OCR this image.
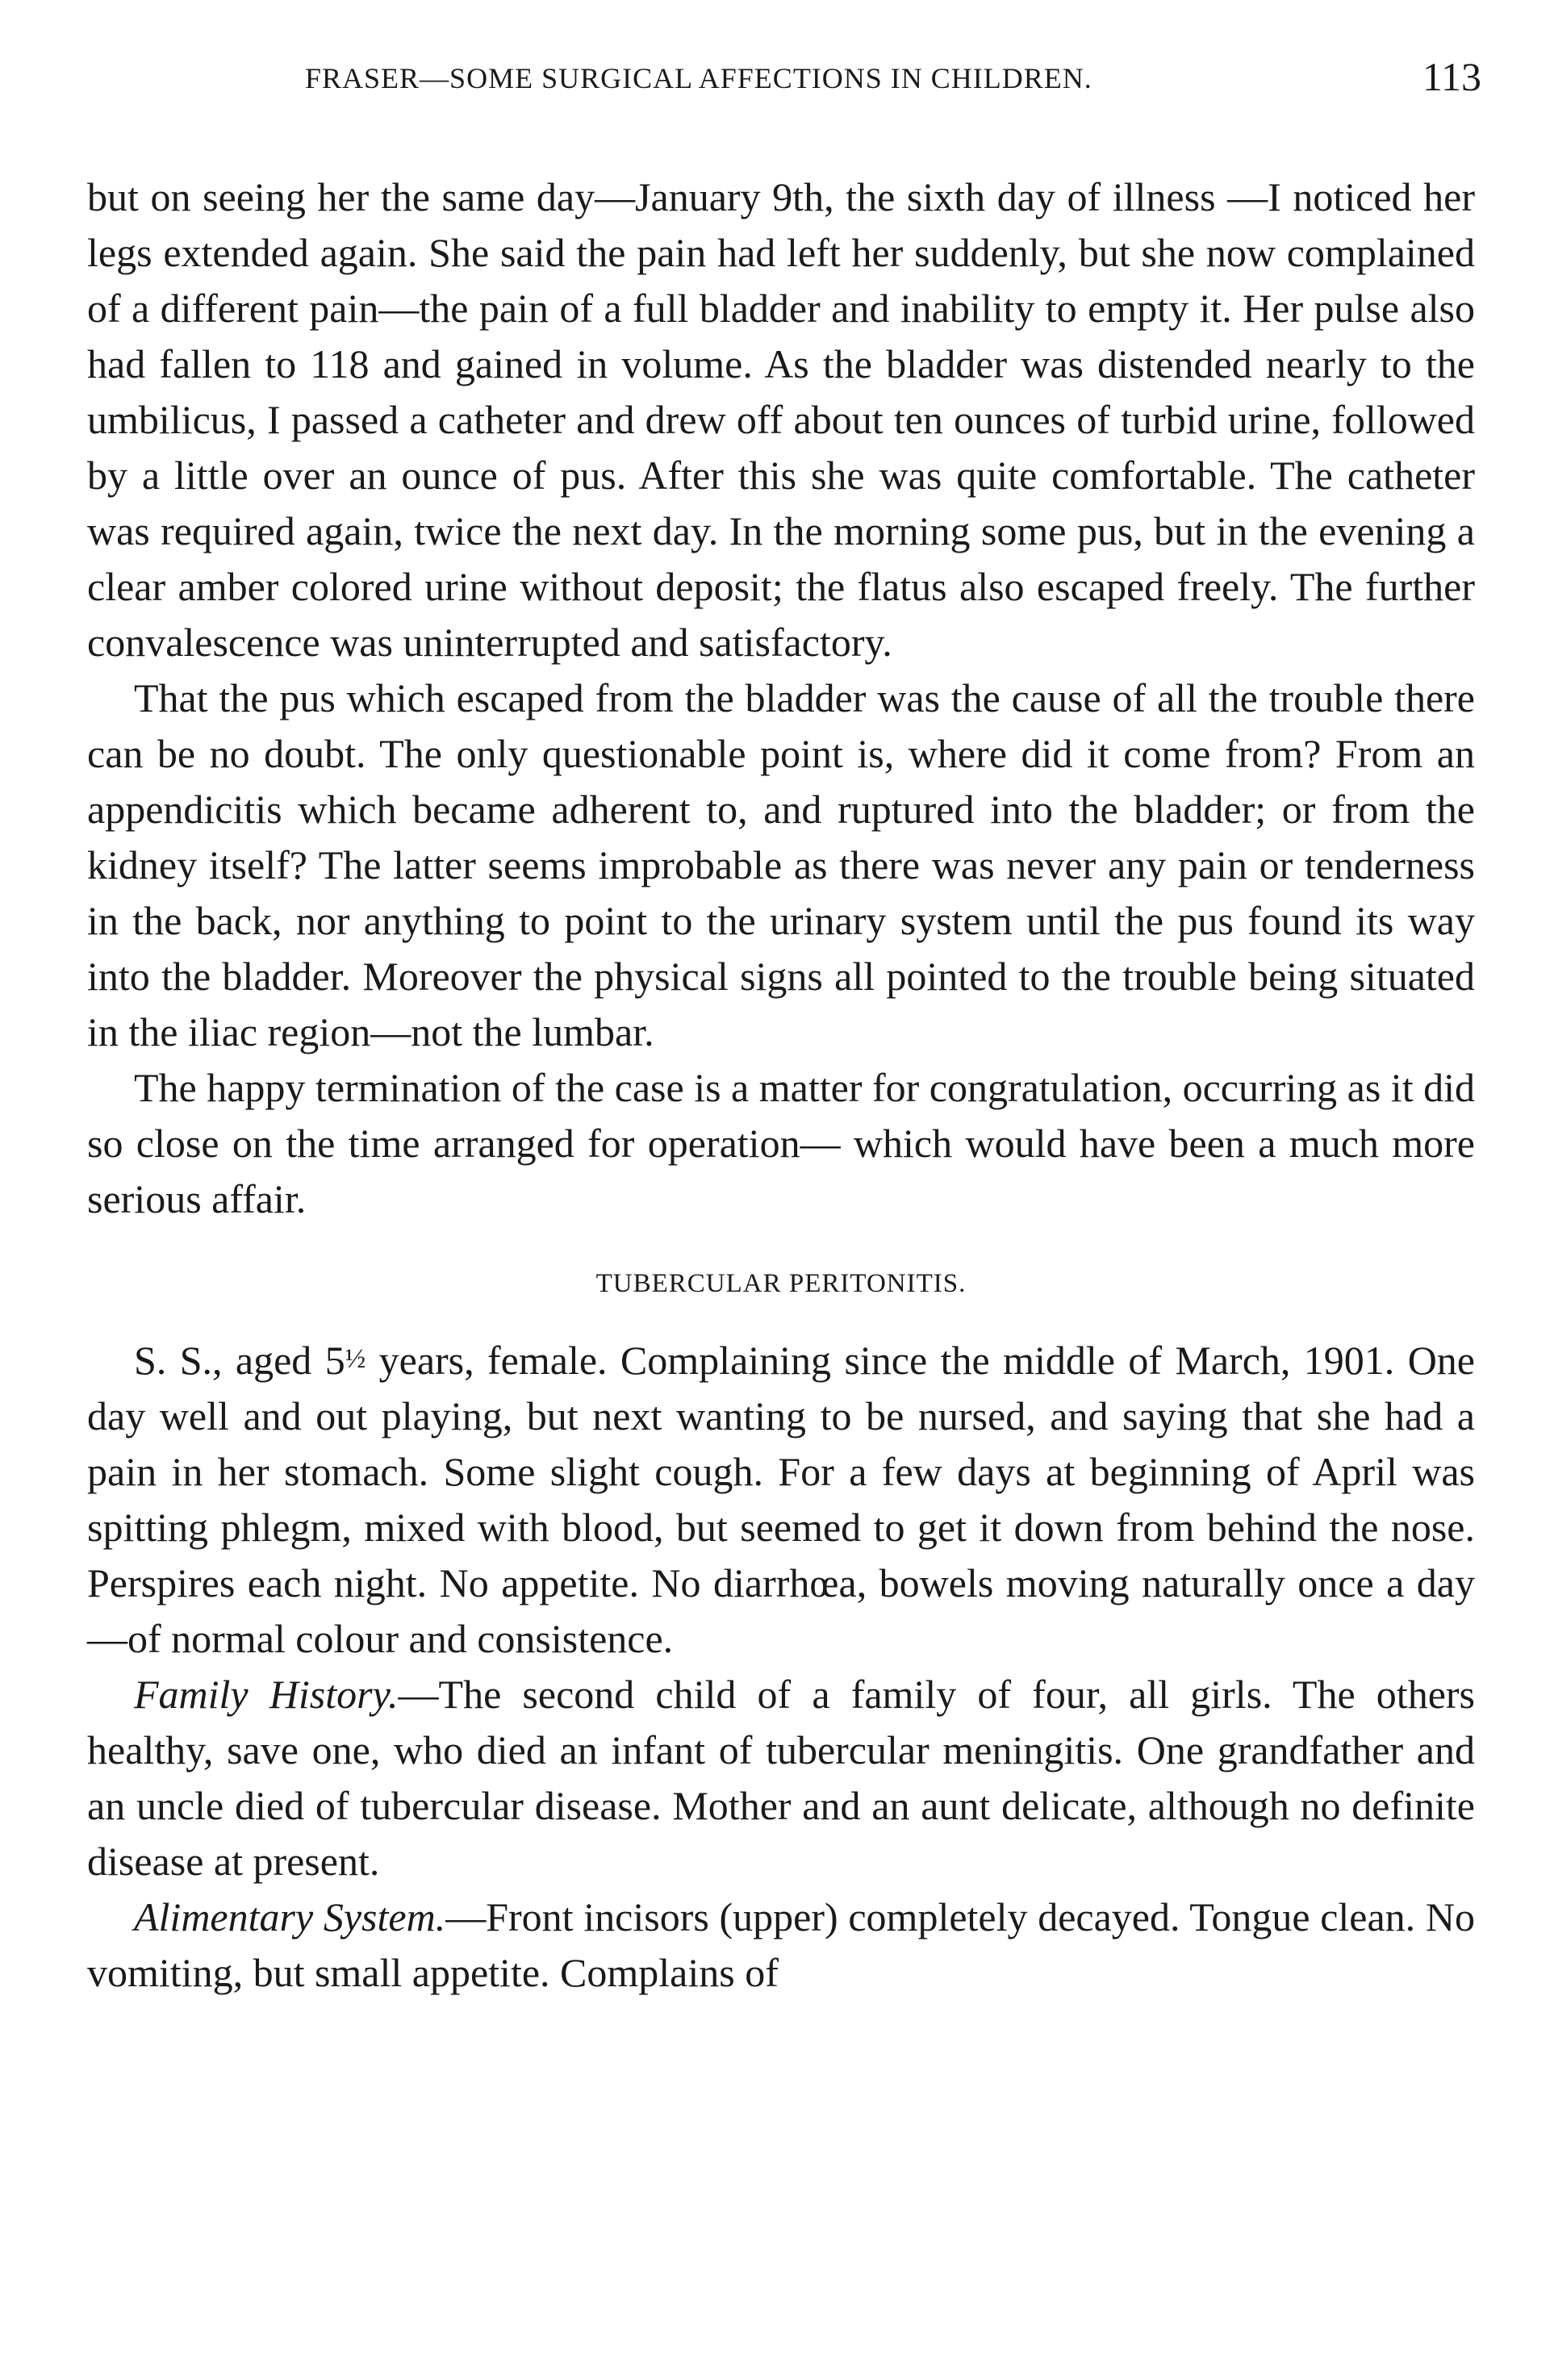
FRASER—SOME SURGICAL AFFECTIONS IN CHILDREN.	113

but on seeing her the same day—January 9th, the sixth day of illness —I noticed her legs extended again. She said the pain had left her suddenly, but she now complained of a different pain—the pain of a full bladder and inability to empty it. Her pulse also had fallen to 118 and gained in volume. As the bladder was distended nearly to the umbilicus, I passed a catheter and drew off about ten ounces of turbid urine, followed by a little over an ounce of pus. After this she was quite comfortable. The catheter was required again, twice the next day. In the morning some pus, but in the evening a clear amber colored urine without deposit; the flatus also escaped freely. The further convalescence was uninterrupted and satisfactory.

That the pus which escaped from the bladder was the cause of all the trouble there can be no doubt. The only questionable point is, where did it come from? From an appendicitis which became adherent to, and ruptured into the bladder; or from the kidney itself? The latter seems improbable as there was never any pain or tenderness in the back, nor anything to point to the urinary system until the pus found its way into the bladder. Moreover the physical signs all pointed to the trouble being situated in the iliac region—not the lumbar.

The happy termination of the case is a matter for congratulation, occurring as it did so close on the time arranged for operation— which would have been a much more serious affair.

TUBERCULAR PERITONITIS.

S. S., aged 5½ years, female. Complaining since the middle of March, 1901. One day well and out playing, but next wanting to be nursed, and saying that she had a pain in her stomach. Some slight cough. For a few days at beginning of April was spitting phlegm, mixed with blood, but seemed to get it down from behind the nose. Perspires each night. No appetite. No diarrhœa, bowels moving naturally once a day—of normal colour and consistence.

Family History.—The second child of a family of four, all girls. The others healthy, save one, who died an infant of tubercular meningitis. One grandfather and an uncle died of tubercular disease. Mother and an aunt delicate, although no definite disease at present.

Alimentary System.—Front incisors (upper) completely decayed. Tongue clean. No vomiting, but small appetite. Complains of
